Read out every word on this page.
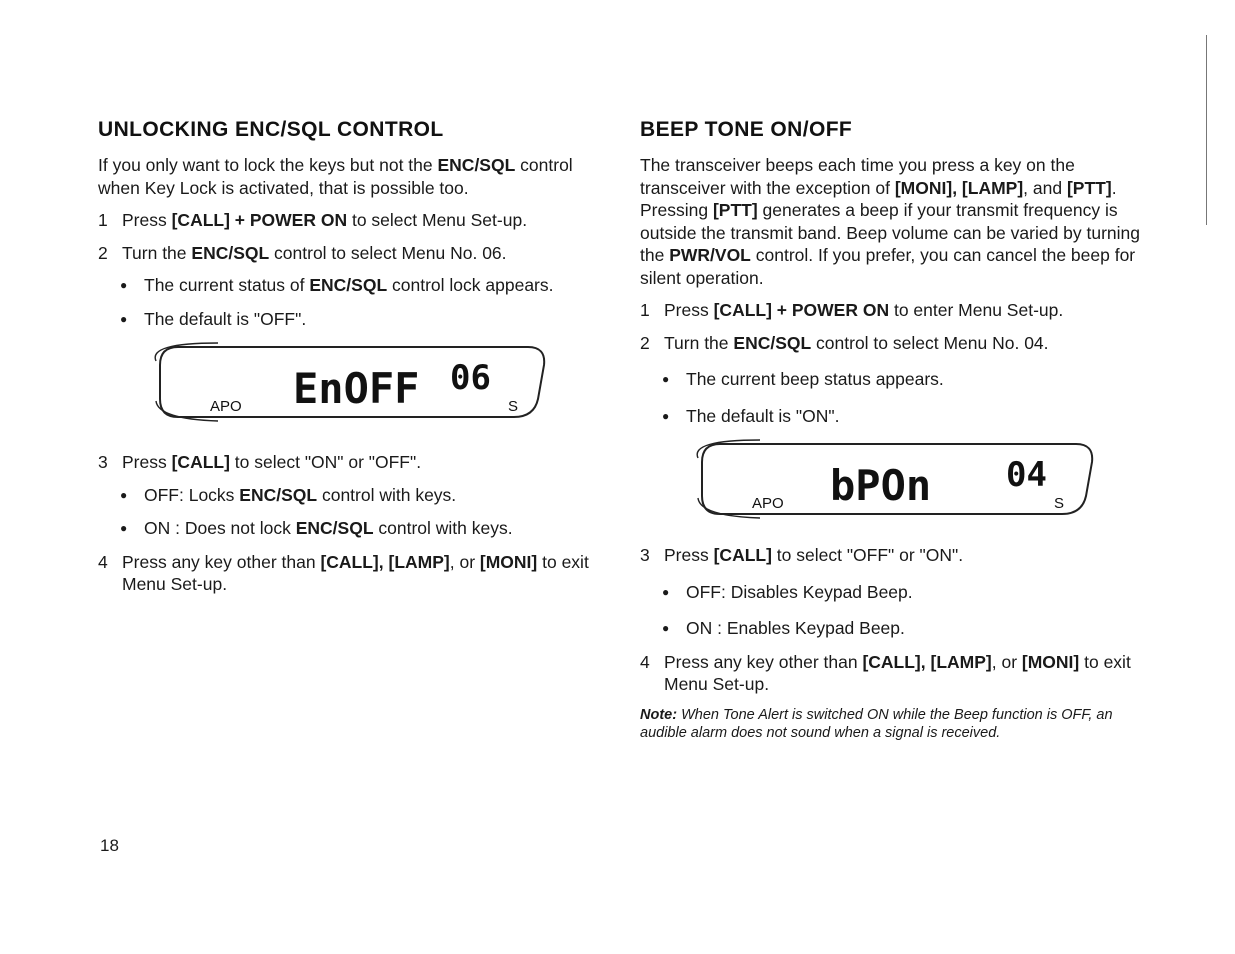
UNLOCKING ENC/SQL CONTROL

If you only want to lock the keys but not the ENC/SQL control when Key Lock is activated, that is possible too.

1 Press [CALL] + POWER ON to select Menu Set-up.
2 Turn the ENC/SQL control to select Menu No. 06.
● The current status of ENC/SQL control lock appears.
● The default is "OFF".
EnOFF 06
APO	S
3 Press [CALL] to select "ON" or "OFF".
● OFF: Locks ENC/SQL control with keys.
● ON : Does not lock ENC/SQL control with keys.
4 Press any key other than [CALL], [LAMP], or [MONI] to exit Menu Set-up.
BEEP TONE ON/OFF

The transceiver beeps each time you press a key on the transceiver with the exception of [MONI], [LAMP], and [PTT]. Pressing [PTT] generates a beep if your transmit frequency is outside the transmit band. Beep volume can be varied by turning the PWR/VOL control. If you prefer, you can cancel the beep for silent operation.

1 Press [CALL] + POWER ON to enter Menu Set-up.
2 Turn the ENC/SQL control to select Menu No. 04.
● The current beep status appears.
● The default is "ON".
bPOn 04
APO	S
3 Press [CALL] to select "OFF" or "ON".
● OFF: Disables Keypad Beep.
● ON : Enables Keypad Beep.
4 Press any key other than [CALL], [LAMP], or [MONI] to exit Menu Set-up.
Note: When Tone Alert is switched ON while the Beep function is OFF, an audible alarm does not sound when a signal is received.
18
